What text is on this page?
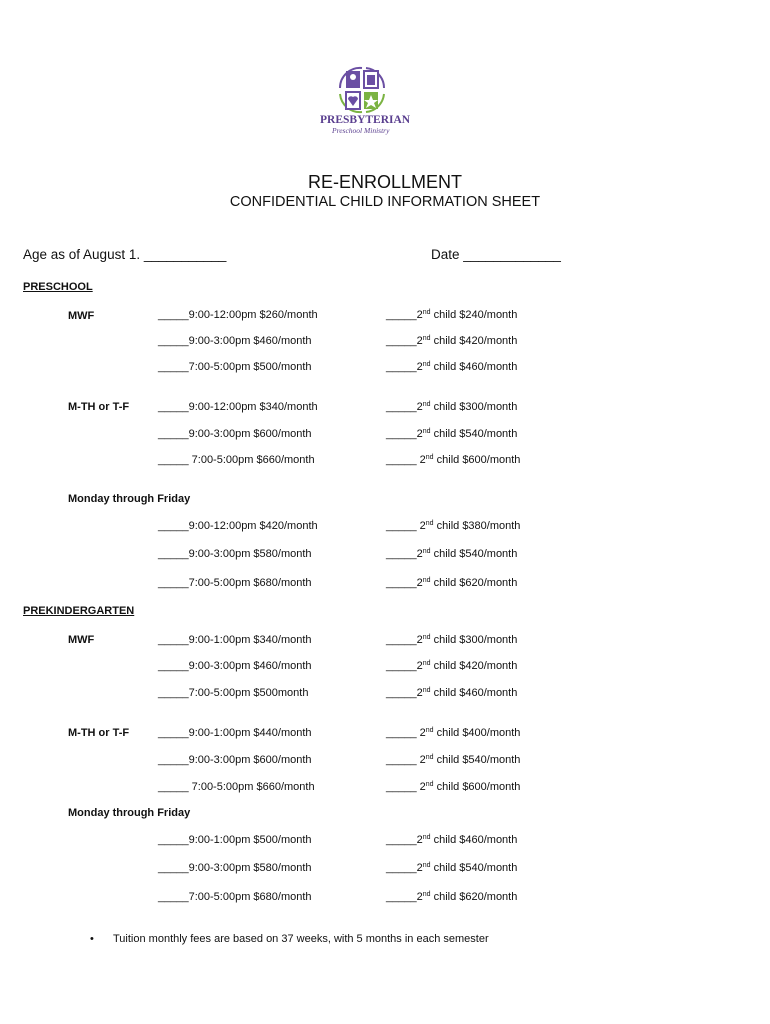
PRESBYTERIAN
Preschool Ministry
RE-ENROLLMENT
CONFIDENTIAL CHILD INFORMATION SHEET
Age as of August 1. ___________	Date _____________
PRESCHOOL
MWF	_____9:00-12:00pm $260/month	_____2nd child $240/month
_____9:00-3:00pm $460/month	_____2nd child $420/month
_____7:00-5:00pm $500/month	_____2nd child $460/month
M-TH or T-F	_____9:00-12:00pm $340/month	_____2nd child $300/month
_____9:00-3:00pm $600/month	_____2nd child $540/month
_____ 7:00-5:00pm $660/month	_____ 2nd child $600/month
Monday through Friday
_____9:00-12:00pm $420/month	_____ 2nd child $380/month
_____9:00-3:00pm $580/month	_____2nd child $540/month
_____7:00-5:00pm $680/month	_____2nd child $620/month
PREKINDERGARTEN
MWF	_____9:00-1:00pm $340/month	_____2nd child $300/month
_____9:00-3:00pm $460/month	_____2nd child $420/month
_____7:00-5:00pm $500month	_____2nd child $460/month
M-TH or T-F	_____9:00-1:00pm $440/month	_____ 2nd child $400/month
_____9:00-3:00pm $600/month	_____ 2nd child $540/month
_____ 7:00-5:00pm $660/month	_____ 2nd child $600/month
Monday through Friday
_____9:00-1:00pm $500/month	_____2nd child $460/month
_____9:00-3:00pm $580/month	_____2nd child $540/month
_____7:00-5:00pm $680/month	_____2nd child $620/month
• Tuition monthly fees are based on 37 weeks, with 5 months in each semester
